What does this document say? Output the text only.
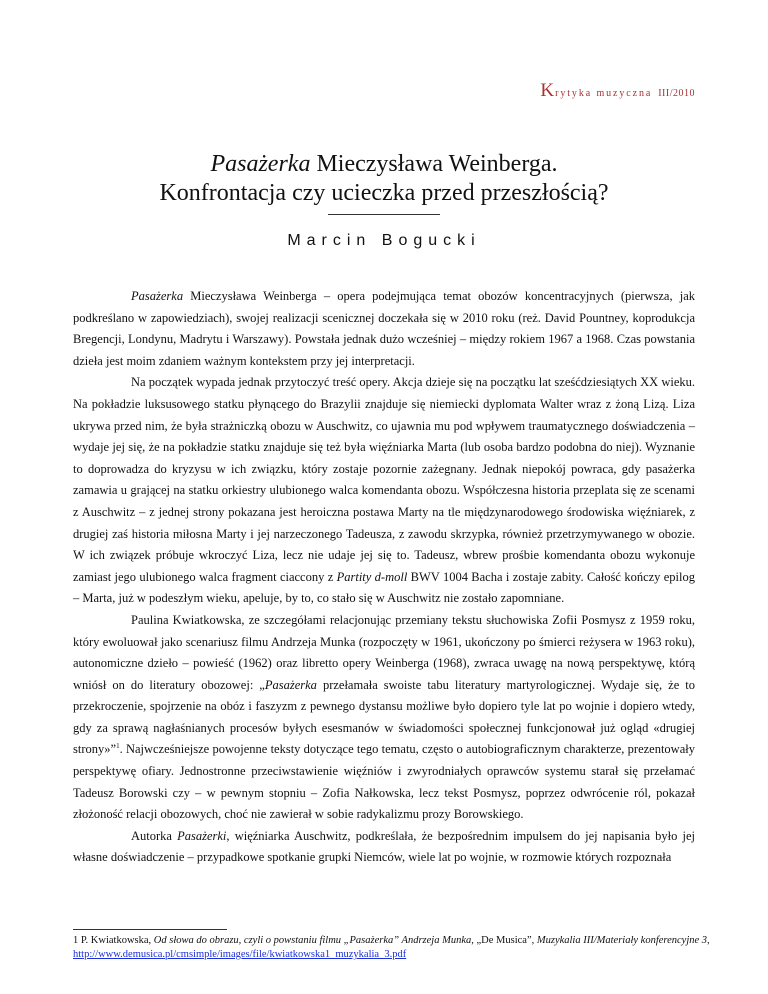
Krytyka muzyczna III/2010
Pasażerka Mieczysława Weinberga.
Konfrontacja czy ucieczka przed przeszłością?
Marcin Bogucki

Pasażerka Mieczysława Weinberga – opera podejmująca temat obozów koncentracyjnych (pierwsza, jak podkreślano w zapowiedziach), swojej realizacji scenicznej doczekała się w 2010 roku (reż. David Pountney, koprodukcja Bregencji, Londynu, Madrytu i Warszawy). Powstała jednak dużo wcześniej – między rokiem 1967 a 1968. Czas powstania dzieła jest moim zdaniem ważnym kontekstem przy jej interpretacji.

Na początek wypada jednak przytoczyć treść opery. Akcja dzieje się na początku lat sześćdziesiątych XX wieku. Na pokładzie luksusowego statku płynącego do Brazylii znajduje się niemiecki dyplomata Walter wraz z żoną Lizą. Liza ukrywa przed nim, że była strażniczką obozu w Auschwitz, co ujawnia mu pod wpływem traumatycznego doświadczenia – wydaje jej się, że na pokładzie statku znajduje się też była więźniarka Marta (lub osoba bardzo podobna do niej). Wyznanie to doprowadza do kryzysu w ich związku, który zostaje pozornie zażegnany. Jednak niepokój powraca, gdy pasażerka zamawia u grającej na statku orkiestry ulubionego walca komendanta obozu. Współczesna historia przeplata się ze scenami z Auschwitz – z jednej strony pokazana jest heroiczna postawa Marty na tle międzynarodowego środowiska więźniarek, z drugiej zaś historia miłosna Marty i jej narzeczonego Tadeusza, z zawodu skrzypka, również przetrzymywanego w obozie. W ich związek próbuje wkroczyć Liza, lecz nie udaje jej się to. Tadeusz, wbrew prośbie komendanta obozu wykonuje zamiast jego ulubionego walca fragment ciaccony z Partity d-moll BWV 1004 Bacha i zostaje zabity. Całość kończy epilog – Marta, już w podeszłym wieku, apeluje, by to, co stało się w Auschwitz nie zostało zapomniane.

Paulina Kwiatkowska, ze szczegółami relacjonując przemiany tekstu słuchowiska Zofii Posmysz z 1959 roku, który ewoluował jako scenariusz filmu Andrzeja Munka (rozpoczęty w 1961, ukończony po śmierci reżysera w 1963 roku), autonomiczne dzieło – powieść (1962) oraz libretto opery Weinberga (1968), zwraca uwagę na nową perspektywę, którą wniósł on do literatury obozowej: „Pasażerka przełamała swoiste tabu literatury martyrologicznej. Wydaje się, że to przekroczenie, spojrzenie na obóz i faszyzm z pewnego dystansu możliwe było dopiero tyle lat po wojnie i dopiero wtedy, gdy za sprawą nagłaśnianych procesów byłych esesmanów w świadomości społecznej funkcjonował już ogląd «drugiej strony»”$^1$. Najwcześniejsze powojenne teksty dotyczące tego tematu, często o autobiograficznym charakterze, prezentowały perspektywę ofiary. Jednostronne przeciwstawienie więźniów i zwyrodniałych oprawców systemu starał się przełamać Tadeusz Borowski czy – w pewnym stopniu – Zofia Nałkowska, lecz tekst Posmysz, poprzez odwrócenie ról, pokazał złożoność relacji obozowych, choć nie zawierał w sobie radykalizmu prozy Borowskiego.

Autorka Pasażerki, więźniarka Auschwitz, podkreślała, że bezpośrednim impulsem do jej napisania było jej własne doświadczenie – przypadkowe spotkanie grupki Niemców, wiele lat po wojnie, w rozmowie których rozpoznała

1 P. Kwiatkowska, Od słowa do obrazu, czyli o powstaniu filmu „Pasażerka” Andrzeja Munka, „De Musica”, Muzykalia III/Materiały konferencyjne 3, http://www.demusica.pl/cmsimple/images/file/kwiatkowska1_muzykalia_3.pdf
